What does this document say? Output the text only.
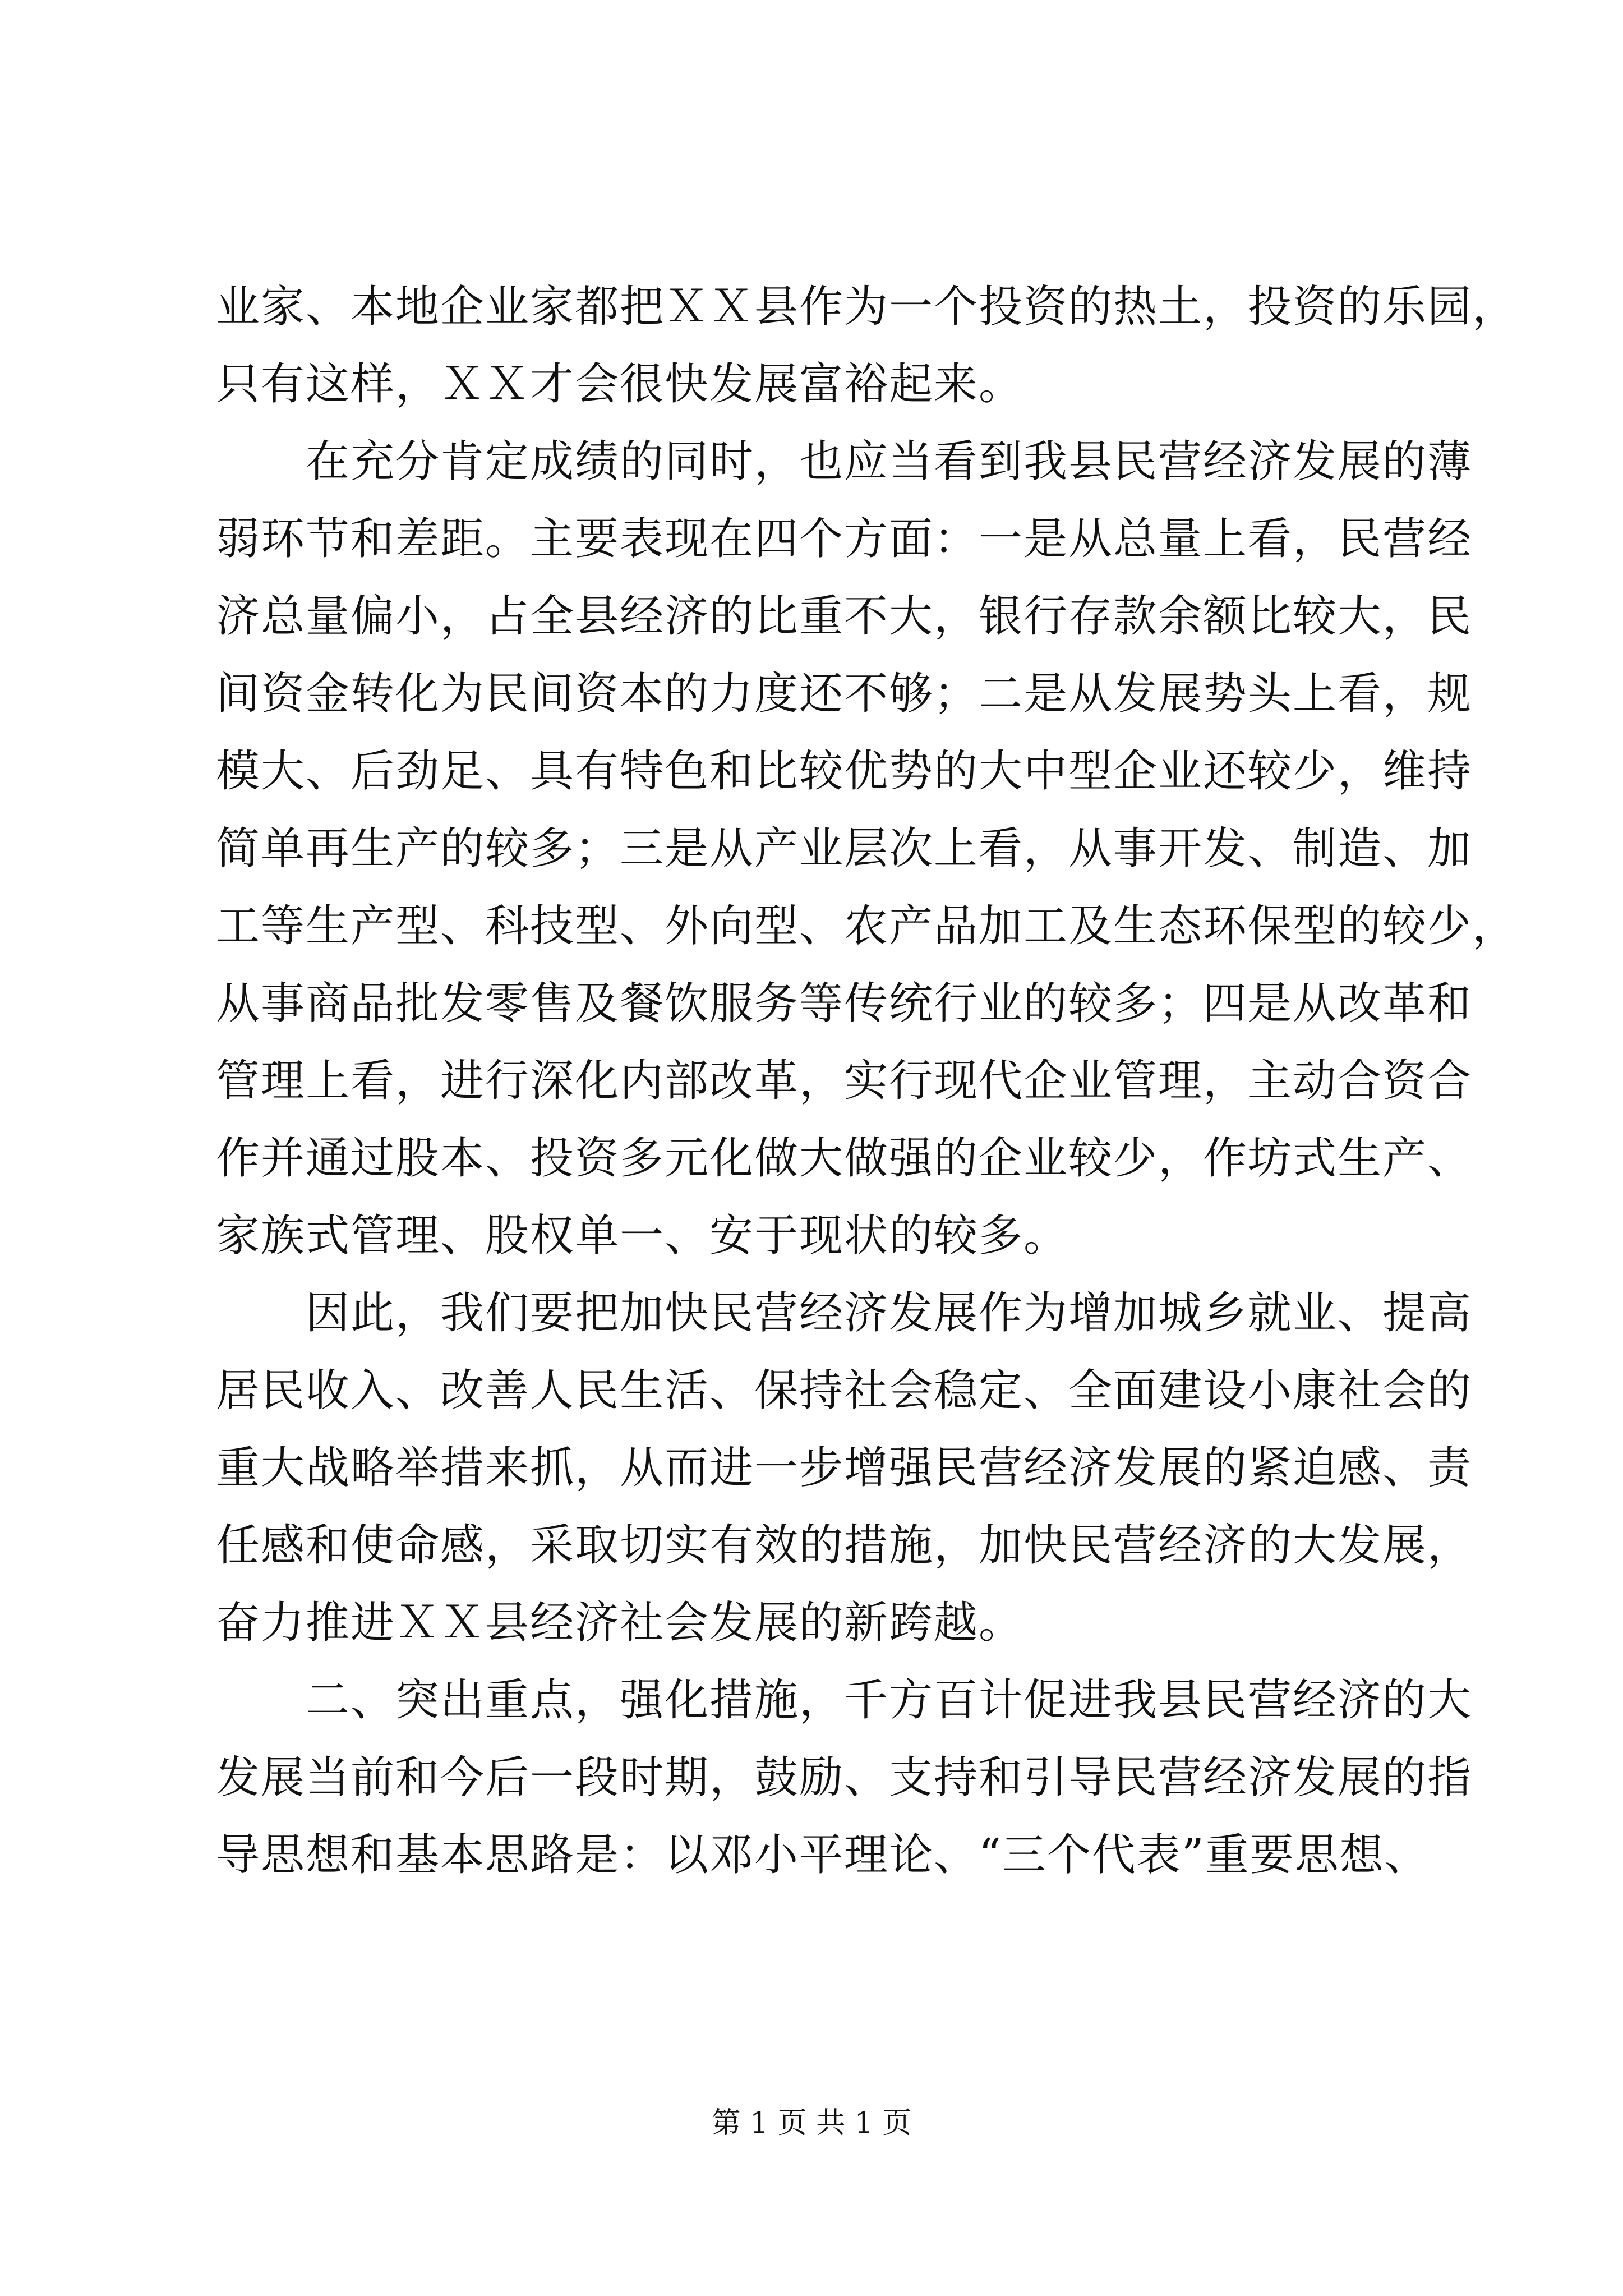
业家、本地企业家都把ＸＸ县作为一个投资的热土，投资的乐园，
只有这样，ＸＸ才会很快发展富裕起来。
　　在充分肯定成绩的同时，也应当看到我县民营经济发展的薄
弱环节和差距。主要表现在四个方面：一是从总量上看，民营经
济总量偏小，占全县经济的比重不大，银行存款余额比较大，民
间资金转化为民间资本的力度还不够；二是从发展势头上看，规
模大、后劲足、具有特色和比较优势的大中型企业还较少，维持
简单再生产的较多；三是从产业层次上看，从事开发、制造、加
工等生产型、科技型、外向型、农产品加工及生态环保型的较少，
从事商品批发零售及餐饮服务等传统行业的较多；四是从改革和
管理上看，进行深化内部改革，实行现代企业管理，主动合资合
作并通过股本、投资多元化做大做强的企业较少，作坊式生产、
家族式管理、股权单一、安于现状的较多。
　　因此，我们要把加快民营经济发展作为增加城乡就业、提高
居民收入、改善人民生活、保持社会稳定、全面建设小康社会的
重大战略举措来抓，从而进一步增强民营经济发展的紧迫感、责
任感和使命感，采取切实有效的措施，加快民营经济的大发展，
奋力推进ＸＸ县经济社会发展的新跨越。
　　二、突出重点，强化措施，千方百计促进我县民营经济的大
发展当前和今后一段时期，鼓励、支持和引导民营经济发展的指
导思想和基本思路是：以邓小平理论、“三个代表”重要思想、
第 1 页 共 1 页
